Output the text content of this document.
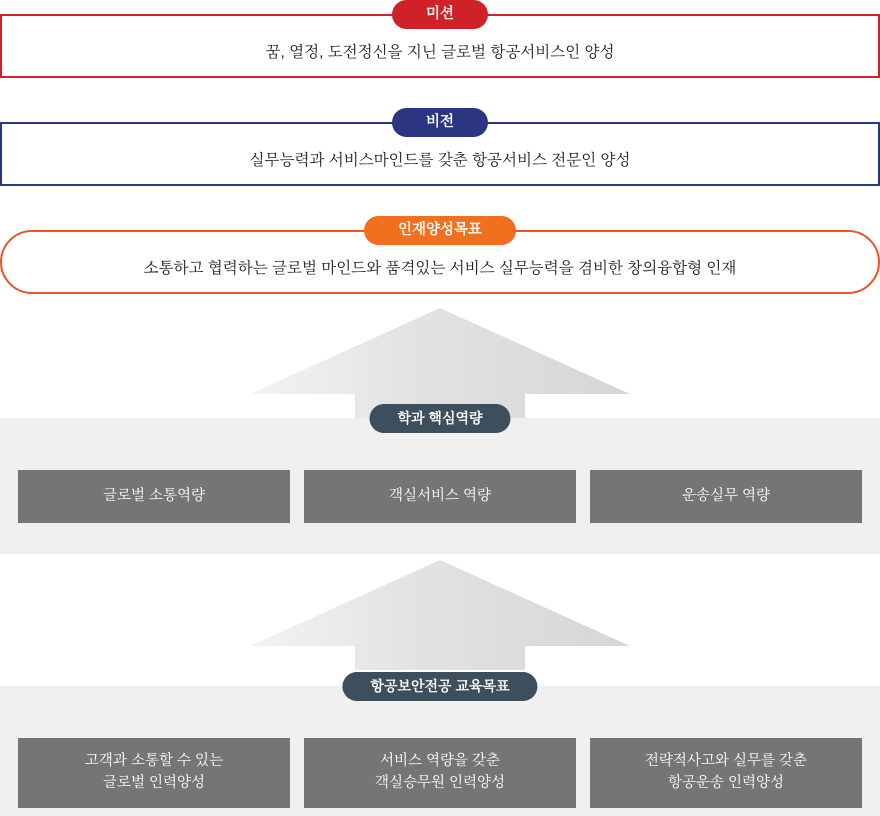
꿈, 열정, 도전정신을 지닌 글로벌 항공서비스인 양성
미션
실무능력과 서비스마인드를 갖춘 항공서비스 전문인 양성
비전
소통하고 협력하는 글로벌 마인드와 품격있는 서비스 실무능력을 겸비한 창의융합형 인재
인재양성목표
학과 핵심역량
글로벌 소통역량	객실서비스 역량	운송실무 역량
항공보안전공 교육목표
고객과 소통할 수 있는
글로벌 인력양성
서비스 역량을 갖춘
객실승무원 인력양성
전략적사고와 실무를 갖춘
항공운송 인력양성
